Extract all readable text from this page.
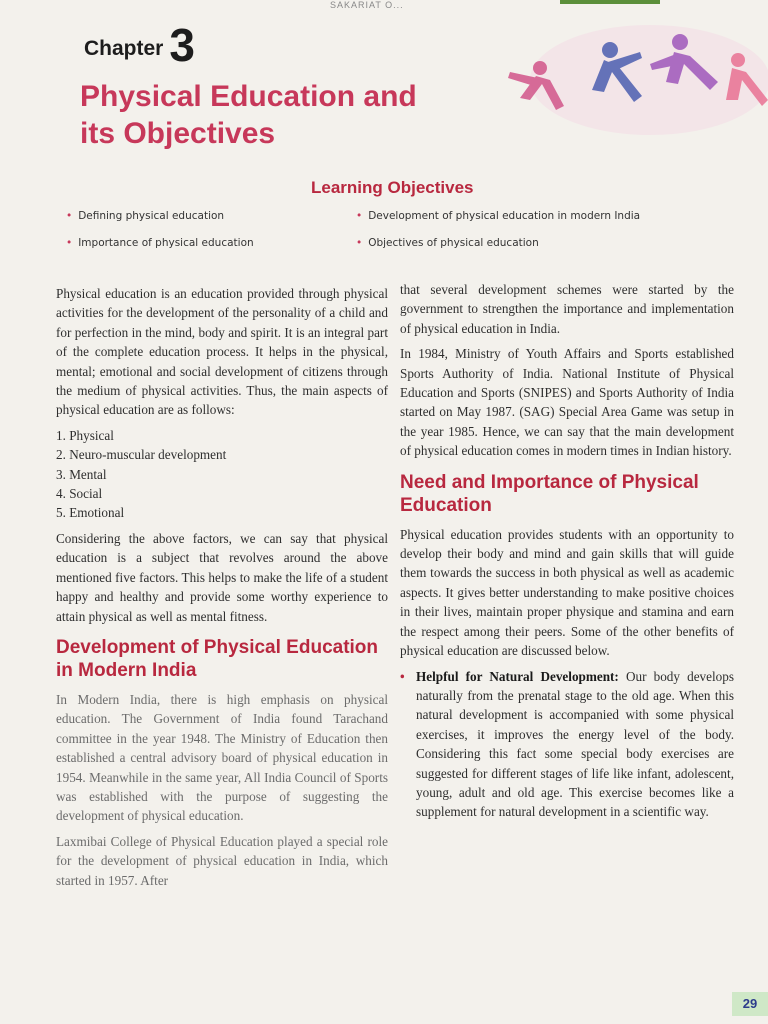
SAKARIAT O...
Chapter 3
Physical Education and
its Objectives
Learning Objectives
• Defining physical education	• Development of physical education in modern India
• Importance of physical education	• Objectives of physical education

Physical education is an education provided through physical activities for the development of the personality of a child and for perfection in the mind, body and spirit. It is an integral part of the complete education process. It helps in the physical, mental; emotional and social development of citizens through the medium of physical activities. Thus, the main aspects of physical education are as follows:

1. Physical
2. Neuro-muscular development
3. Mental
4. Social
5. Emotional

Considering the above factors, we can say that physical education is a subject that revolves around the above mentioned five factors. This helps to make the life of a student happy and healthy and provide some worthy experience to attain physical as well as mental fitness.

Development of Physical Education in Modern India

In Modern India, there is high emphasis on physical education. The Government of India found Tarachand committee in the year 1948. The Ministry of Education then established a central advisory board of physical education in 1954. Meanwhile in the same year, All India Council of Sports was established with the purpose of suggesting the development of physical education.

Laxmibai College of Physical Education played a special role for the development of physical education in India, which started in 1957. After

that several development schemes were started by the government to strengthen the importance and implementation of physical education in India.

In 1984, Ministry of Youth Affairs and Sports established Sports Authority of India. National Institute of Physical Education and Sports (SNIPES) and Sports Authority of India started on May 1987. (SAG) Special Area Game was setup in the year 1985. Hence, we can say that the main development of physical education comes in modern times in Indian history.

Need and Importance of Physical Education

Physical education provides students with an opportunity to develop their body and mind and gain skills that will guide them towards the success in both physical as well as academic aspects. It gives better understanding to make positive choices in their lives, maintain proper physique and stamina and earn the respect among their peers. Some of the other benefits of physical education are discussed below.

• Helpful for Natural Development: Our body develops naturally from the prenatal stage to the old age. When this natural development is accompanied with some physical exercises, it improves the energy level of the body. Considering this fact some special body exercises are suggested for different stages of life like infant, adolescent, young, adult and old age. This exercise becomes like a supplement for natural development in a scientific way.
29
